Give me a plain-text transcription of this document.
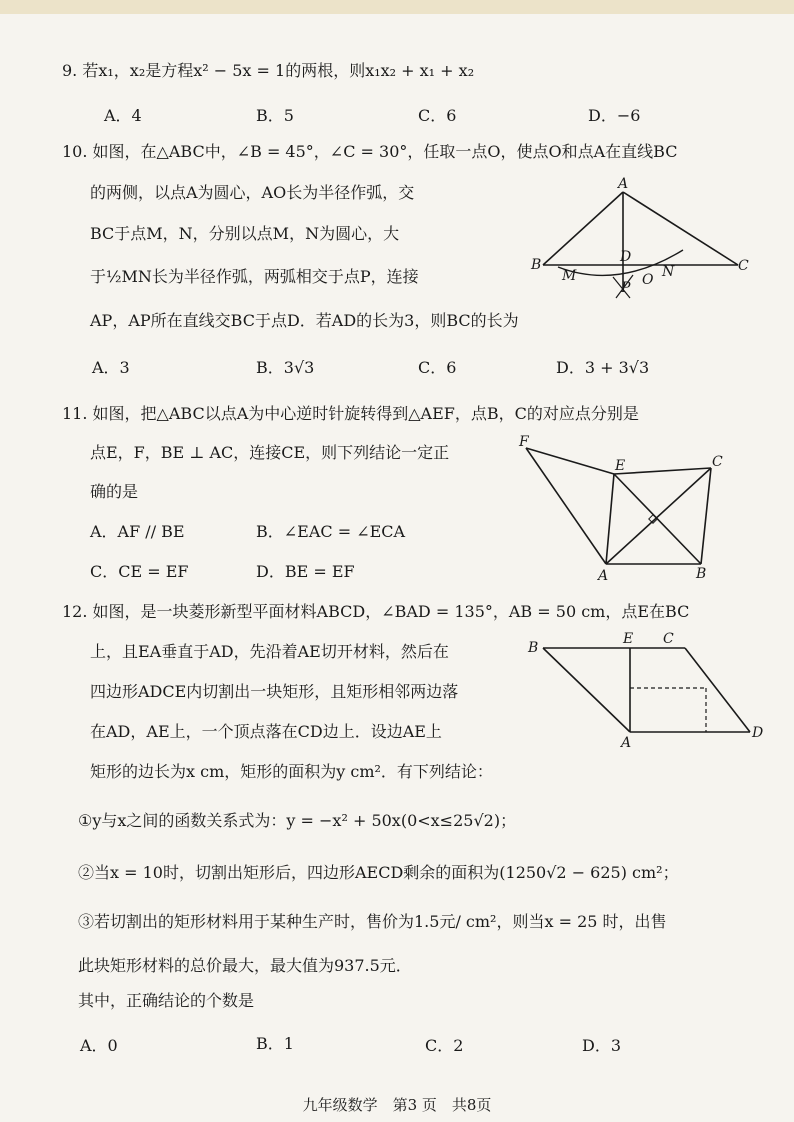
9. 若x₁，x₂是方程x² − 5x = 1的两根，则x₁x₂ + x₁ + x₂
A．4	B．5	C．6	D．−6
10. 如图，在△ABC中，∠B = 45°，∠C = 30°，任取一点O，使点O和点A在直线BC
的两侧，以点A为圆心，AO长为半径作弧，交
BC于点M，N，分别以点M，N为圆心，大
于½MN长为半径作弧，两弧相交于点P，连接
AP，AP所在直线交BC于点D．若AD的长为3，则BC的长为
A
B	C
D
M	N
O
P
A．3	B．3√3	C．6	D．3 + 3√3
11. 如图，把△ABC以点A为中心逆时针旋转得到△AEF，点B，C的对应点分别是
点E，F，BE ⊥ AC，连接CE，则下列结论一定正
确的是
A．AF // BE	B．∠EAC = ∠ECA
C．CE = EF	D．BE = EF
F
E	C
A	B
12. 如图，是一块菱形新型平面材料ABCD，∠BAD = 135°，AB = 50 cm，点E在BC
上，且EA垂直于AD，先沿着AE切开材料，然后在
四边形ADCE内切割出一块矩形，且矩形相邻两边落
在AD，AE上，一个顶点落在CD边上．设边AE上
矩形的边长为x cm，矩形的面积为y cm²．有下列结论：
B
E C
A
D
①y与x之间的函数关系式为：y = −x² + 50x(0<x≤25√2)；
②当x = 10时，切割出矩形后，四边形AECD剩余的面积为(1250√2 − 625) cm²；
③若切割出的矩形材料用于某种生产时，售价为1.5元/ cm²，则当x = 25 时，出售
此块矩形材料的总价最大，最大值为937.5元．
其中，正确结论的个数是
A．0	B．1	C．2	D．3
九年级数学　第3 页　共8页
